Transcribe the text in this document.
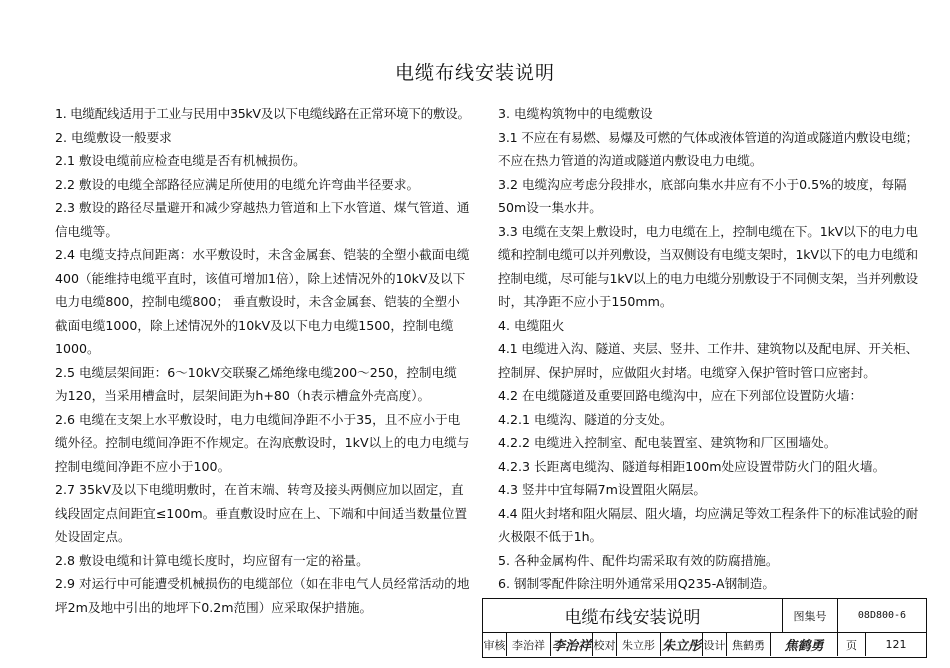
电缆布线安装说明

1. 电缆配线适用于工业与民用中35kV及以下电缆线路在正常环境下的敷设。

2. 电缆敷设一般要求

2.1 敷设电缆前应检查电缆是否有机械损伤。

2.2 敷设的电缆全部路径应满足所使用的电缆允许弯曲半径要求。

2.3 敷设的路径尽量避开和减少穿越热力管道和上下水管道、煤气管道、通

信电缆等。

2.4 电缆支持点间距离：水平敷设时，未含金属套、铠装的全塑小截面电缆

400（能维持电缆平直时，该值可增加1倍），除上述情况外的10kV及以下

电力电缆800，控制电缆800； 垂直敷设时，未含金属套、铠装的全塑小

截面电缆1000，除上述情况外的10kV及以下电力电缆1500，控制电缆

1000。

2.5 电缆层架间距：6～10kV交联聚乙烯绝缘电缆200～250，控制电缆

为120，当采用槽盒时，层架间距为h+80（h表示槽盒外壳高度）。

2.6 电缆在支架上水平敷设时，电力电缆间净距不小于35，且不应小于电

缆外径。控制电缆间净距不作规定。在沟底敷设时，1kV以上的电力电缆与

控制电缆间净距不应小于100。

2.7 35kV及以下电缆明敷时，在首末端、转弯及接头两侧应加以固定，直

线段固定点间距宜≤100m。垂直敷设时应在上、下端和中间适当数量位置

处设固定点。

2.8 敷设电缆和计算电缆长度时，均应留有一定的裕量。

2.9 对运行中可能遭受机械损伤的电缆部位（如在非电气人员经常活动的地

坪2m及地中引出的地坪下0.2m范围）应采取保护措施。

3. 电缆构筑物中的电缆敷设

3.1 不应在有易燃、易爆及可燃的气体或液体管道的沟道或隧道内敷设电缆；

不应在热力管道的沟道或隧道内敷设电力电缆。

3.2 电缆沟应考虑分段排水，底部向集水井应有不小于0.5%的坡度，每隔

50m设一集水井。

3.3 电缆在支架上敷设时，电力电缆在上，控制电缆在下。1kV以下的电力电

缆和控制电缆可以并列敷设，当双侧设有电缆支架时，1kV以下的电力电缆和

控制电缆，尽可能与1kV以上的电力电缆分别敷设于不同侧支架，当并列敷设

时，其净距不应小于150mm。

4. 电缆阻火

4.1 电缆进入沟、隧道、夹层、竖井、工作井、建筑物以及配电屏、开关柜、

控制屏、保护屏时，应做阻火封堵。电缆穿入保护管时管口应密封。

4.2 在电缆隧道及重要回路电缆沟中，应在下列部位设置防火墙：

4.2.1 电缆沟、隧道的分支处。

4.2.2 电缆进入控制室、配电装置室、建筑物和厂区围墙处。

4.2.3 长距离电缆沟、隧道每相距100m处应设置带防火门的阻火墙。

4.3 竖井中宜每隔7m设置阻火隔层。

4.4 阻火封堵和阻火隔层、阻火墙，均应满足等效工程条件下的标准试验的耐

火极限不低于1h。

5. 各种金属构件、配件均需采取有效的防腐措施。

6. 钢制零配件除注明外通常采用Q235-A钢制造。

电缆布线安装说明	图集号	08D800-6
审核 李治祥 李治祥 校对 朱立彤 朱立彤 设计 焦鹤勇	焦鹤勇	页	121
